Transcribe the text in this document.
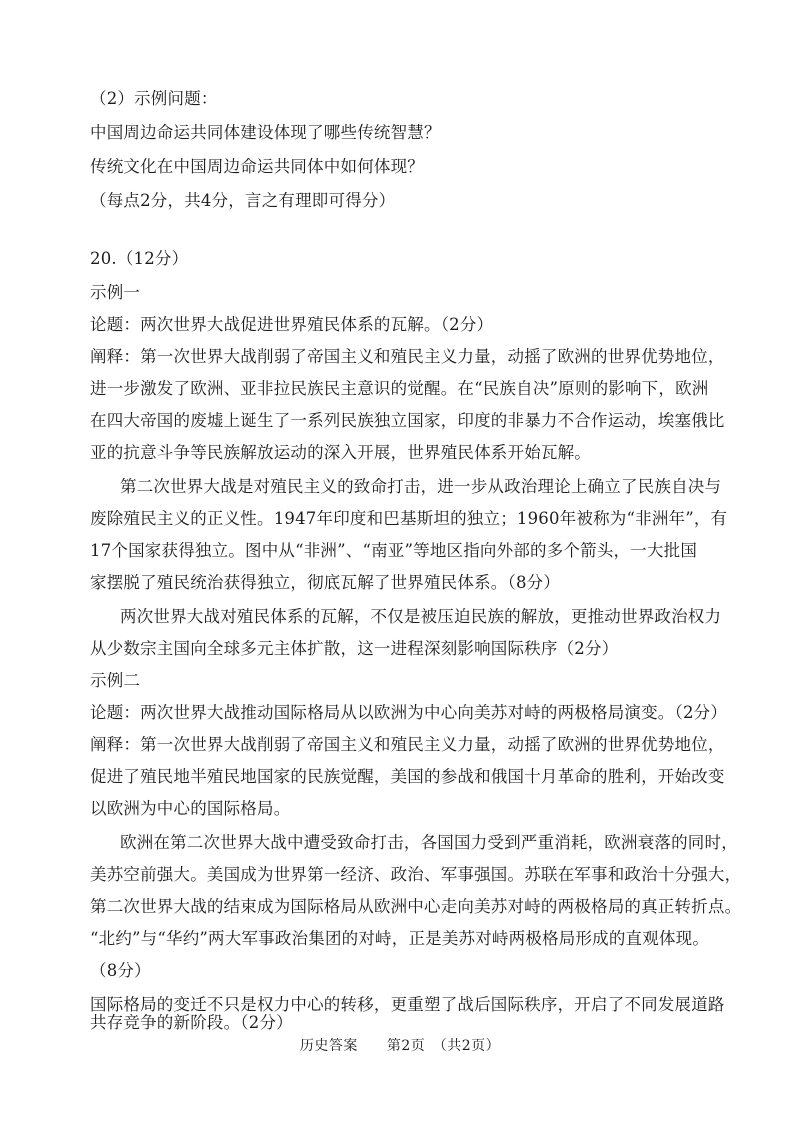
（2）示例问题：
中国周边命运共同体建设体现了哪些传统智慧？
传统文化在中国周边命运共同体中如何体现？
（每点2分，共4分，言之有理即可得分）
20.（12分）
示例一
论题：两次世界大战促进世界殖民体系的瓦解。（2分）
阐释：第一次世界大战削弱了帝国主义和殖民主义力量，动摇了欧洲的世界优势地位，
进一步激发了欧洲、亚非拉民族民主意识的觉醒。在“民族自决”原则的影响下，欧洲
在四大帝国的废墟上诞生了一系列民族独立国家，印度的非暴力不合作运动，埃塞俄比
亚的抗意斗争等民族解放运动的深入开展，世界殖民体系开始瓦解。
第二次世界大战是对殖民主义的致命打击，进一步从政治理论上确立了民族自决与
废除殖民主义的正义性。1947年印度和巴基斯坦的独立；1960年被称为“非洲年”，有
17个国家获得独立。图中从“非洲”、“南亚”等地区指向外部的多个箭头，一大批国
家摆脱了殖民统治获得独立，彻底瓦解了世界殖民体系。（8分）
两次世界大战对殖民体系的瓦解，不仅是被压迫民族的解放，更推动世界政治权力
从少数宗主国向全球多元主体扩散，这一进程深刻影响国际秩序（2分）
示例二
论题：两次世界大战推动国际格局从以欧洲为中心向美苏对峙的两极格局演变。（2分）
阐释：第一次世界大战削弱了帝国主义和殖民主义力量，动摇了欧洲的世界优势地位，
促进了殖民地半殖民地国家的民族觉醒，美国的参战和俄国十月革命的胜利，开始改变
以欧洲为中心的国际格局。
欧洲在第二次世界大战中遭受致命打击，各国国力受到严重消耗，欧洲衰落的同时，
美苏空前强大。美国成为世界第一经济、政治、军事强国。苏联在军事和政治十分强大，
第二次世界大战的结束成为国际格局从欧洲中心走向美苏对峙的两极格局的真正转折点。
“北约”与“华约”两大军事政治集团的对峙，正是美苏对峙两极格局形成的直观体现。
（8分）
国际格局的变迁不只是权力中心的转移，更重塑了战后国际秩序，开启了不同发展道路
共存竞争的新阶段。（2分）
历史答案　　第2页　（共2页）
